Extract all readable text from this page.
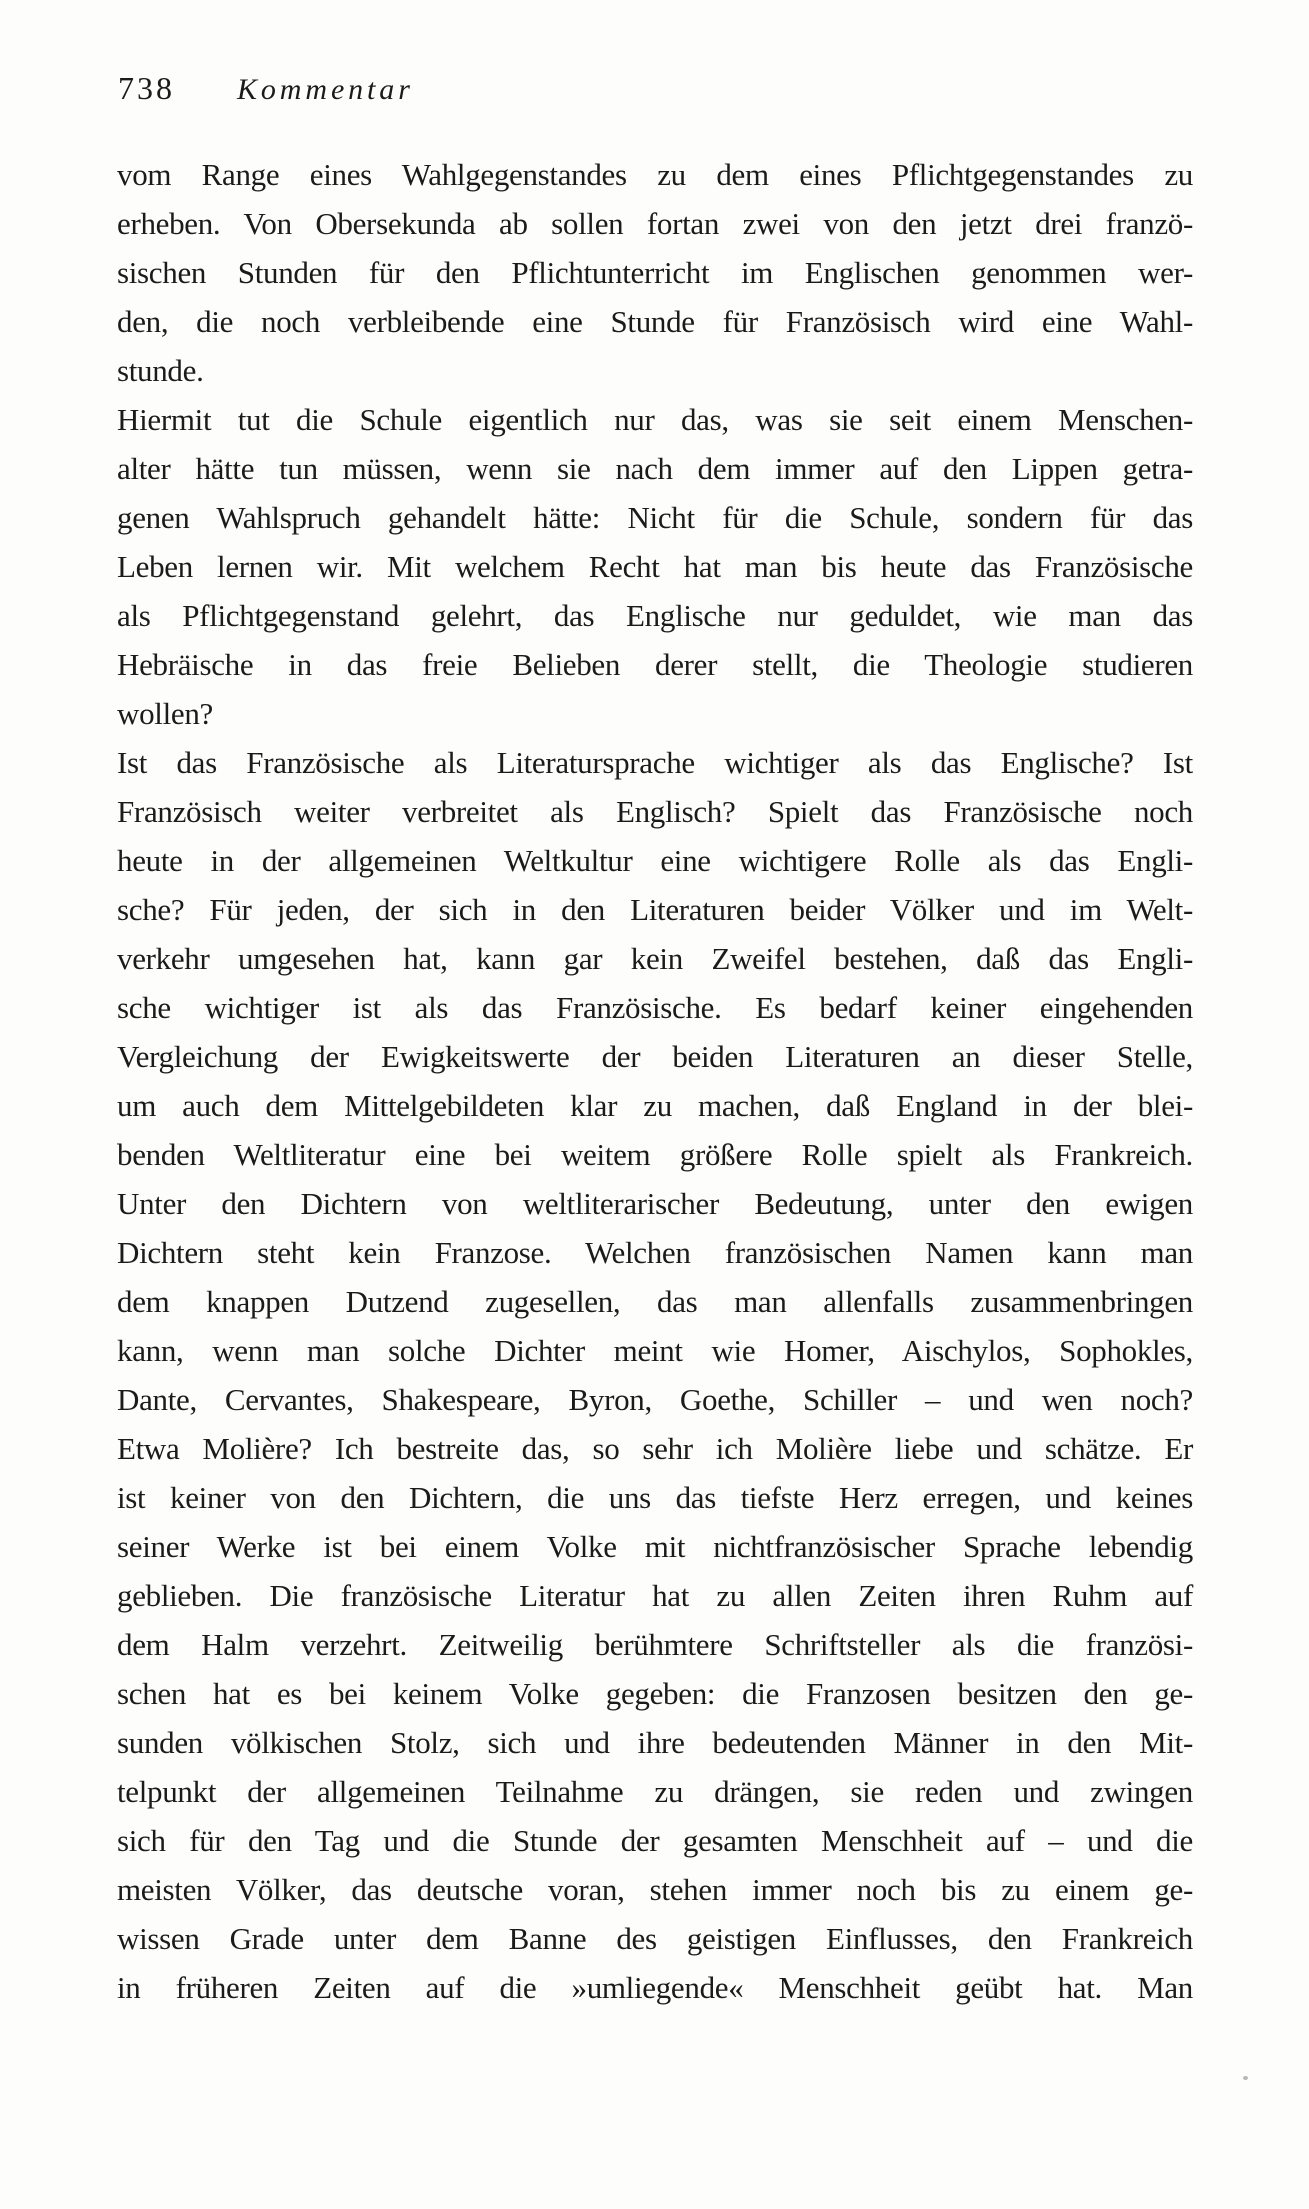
738 Kommentar
vom Range eines Wahlgegenstandes zu dem eines Pflichtgegenstandes zu
erheben. Von Obersekunda ab sollen fortan zwei von den jetzt drei franzö-
sischen Stunden für den Pflichtunterricht im Englischen genommen wer-
den, die noch verbleibende eine Stunde für Französisch wird eine Wahl-
stunde.
Hiermit tut die Schule eigentlich nur das, was sie seit einem Menschen-
alter hätte tun müssen, wenn sie nach dem immer auf den Lippen getra-
genen Wahlspruch gehandelt hätte: Nicht für die Schule, sondern für das
Leben lernen wir. Mit welchem Recht hat man bis heute das Französische
als Pflichtgegenstand gelehrt, das Englische nur geduldet, wie man das
Hebräische in das freie Belieben derer stellt, die Theologie studieren
wollen?
Ist das Französische als Literatursprache wichtiger als das Englische? Ist
Französisch weiter verbreitet als Englisch? Spielt das Französische noch
heute in der allgemeinen Weltkultur eine wichtigere Rolle als das Engli-
sche? Für jeden, der sich in den Literaturen beider Völker und im Welt-
verkehr umgesehen hat, kann gar kein Zweifel bestehen, daß das Engli-
sche wichtiger ist als das Französische. Es bedarf keiner eingehenden
Vergleichung der Ewigkeitswerte der beiden Literaturen an dieser Stelle,
um auch dem Mittelgebildeten klar zu machen, daß England in der blei-
benden Weltliteratur eine bei weitem größere Rolle spielt als Frankreich.
Unter den Dichtern von weltliterarischer Bedeutung, unter den ewigen
Dichtern steht kein Franzose. Welchen französischen Namen kann man
dem knappen Dutzend zugesellen, das man allenfalls zusammenbringen
kann, wenn man solche Dichter meint wie Homer, Aischylos, Sophokles,
Dante, Cervantes, Shakespeare, Byron, Goethe, Schiller – und wen noch?
Etwa Molière? Ich bestreite das, so sehr ich Molière liebe und schätze. Er
ist keiner von den Dichtern, die uns das tiefste Herz erregen, und keines
seiner Werke ist bei einem Volke mit nichtfranzösischer Sprache lebendig
geblieben. Die französische Literatur hat zu allen Zeiten ihren Ruhm auf
dem Halm verzehrt. Zeitweilig berühmtere Schriftsteller als die französi-
schen hat es bei keinem Volke gegeben: die Franzosen besitzen den ge-
sunden völkischen Stolz, sich und ihre bedeutenden Männer in den Mit-
telpunkt der allgemeinen Teilnahme zu drängen, sie reden und zwingen
sich für den Tag und die Stunde der gesamten Menschheit auf – und die
meisten Völker, das deutsche voran, stehen immer noch bis zu einem ge-
wissen Grade unter dem Banne des geistigen Einflusses, den Frankreich
in früheren Zeiten auf die »umliegende« Menschheit geübt hat. Man
